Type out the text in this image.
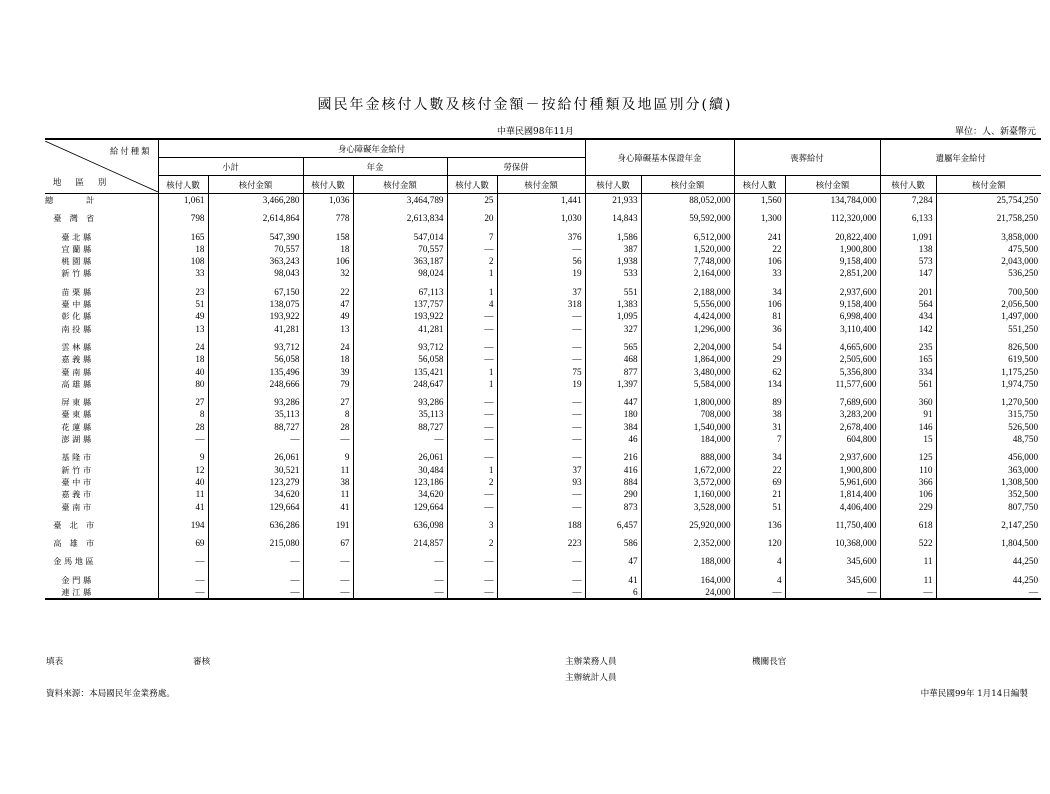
國民年金核付人數及核付金額－按給付種類及地區別分(續)
中華民國98年11月	單位：人、新臺幣元
給付種類
地 區 別	身心障礙年金給付						身心障礙基本保證年金		喪葬給付		遺屬年金給付	
	小計		年金		勞保併							
	核付人數	核付金額	核付人數	核付金額	核付人數	核付金額	核付人數	核付金額	核付人數	核付金額	核付人數	核付金額
總　　　　計	1,061	3,466,280	1,036	3,464,789	25	1,441	21,933	88,052,000	1,560	134,784,000	7,284	25,754,250

　臺　灣　省	798	2,614,864	778	2,613,834	20	1,030	14,843	59,592,000	1,300	112,320,000	6,133	21,758,250

　　臺 北 縣	165	547,390	158	547,014	7	376	1,586	6,512,000	241	20,822,400	1,091	3,858,000
　　宜 蘭 縣	18	70,557	18	70,557	—	—	387	1,520,000	22	1,900,800	138	475,500
　　桃 園 縣	108	363,243	106	363,187	2	56	1,938	7,748,000	106	9,158,400	573	2,043,000
　　新 竹 縣	33	98,043	32	98,024	1	19	533	2,164,000	33	2,851,200	147	536,250

　　苗 栗 縣	23	67,150	22	67,113	1	37	551	2,188,000	34	2,937,600	201	700,500
　　臺 中 縣	51	138,075	47	137,757	4	318	1,383	5,556,000	106	9,158,400	564	2,056,500
　　彰 化 縣	49	193,922	49	193,922	—	—	1,095	4,424,000	81	6,998,400	434	1,497,000
　　南 投 縣	13	41,281	13	41,281	—	—	327	1,296,000	36	3,110,400	142	551,250

　　雲 林 縣	24	93,712	24	93,712	—	—	565	2,204,000	54	4,665,600	235	826,500
　　嘉 義 縣	18	56,058	18	56,058	—	—	468	1,864,000	29	2,505,600	165	619,500
　　臺 南 縣	40	135,496	39	135,421	1	75	877	3,480,000	62	5,356,800	334	1,175,250
　　高 雄 縣	80	248,666	79	248,647	1	19	1,397	5,584,000	134	11,577,600	561	1,974,750

　　屏 東 縣	27	93,286	27	93,286	—	—	447	1,800,000	89	7,689,600	360	1,270,500
　　臺 東 縣	8	35,113	8	35,113	—	—	180	708,000	38	3,283,200	91	315,750
　　花 蓮 縣	28	88,727	28	88,727	—	—	384	1,540,000	31	2,678,400	146	526,500
　　澎 湖 縣	—	—	—	—	—	—	46	184,000	7	604,800	15	48,750

　　基 隆 市	9	26,061	9	26,061	—	—	216	888,000	34	2,937,600	125	456,000
　　新 竹 市	12	30,521	11	30,484	1	37	416	1,672,000	22	1,900,800	110	363,000
　　臺 中 市	40	123,279	38	123,186	2	93	884	3,572,000	69	5,961,600	366	1,308,500
　　嘉 義 市	11	34,620	11	34,620	—	—	290	1,160,000	21	1,814,400	106	352,500
　　臺 南 市	41	129,664	41	129,664	—	—	873	3,528,000	51	4,406,400	229	807,750

　臺　北　市	194	636,286	191	636,098	3	188	6,457	25,920,000	136	11,750,400	618	2,147,250

　高　雄　市	69	215,080	67	214,857	2	223	586	2,352,000	120	10,368,000	522	1,804,500

　金 馬 地 區	—	—	—	—	—	—	47	188,000	4	345,600	11	44,250

　　金 門 縣	—	—	—	—	—	—	41	164,000	4	345,600	11	44,250
　　連 江 縣	—	—	—	—	—	—	6	24,000	—	—	—	—
填表	審核	主辦業務人員
主辦統計人員
機關長官
資料來源：本局國民年金業務處。	中華民國99年 1月14日編製
